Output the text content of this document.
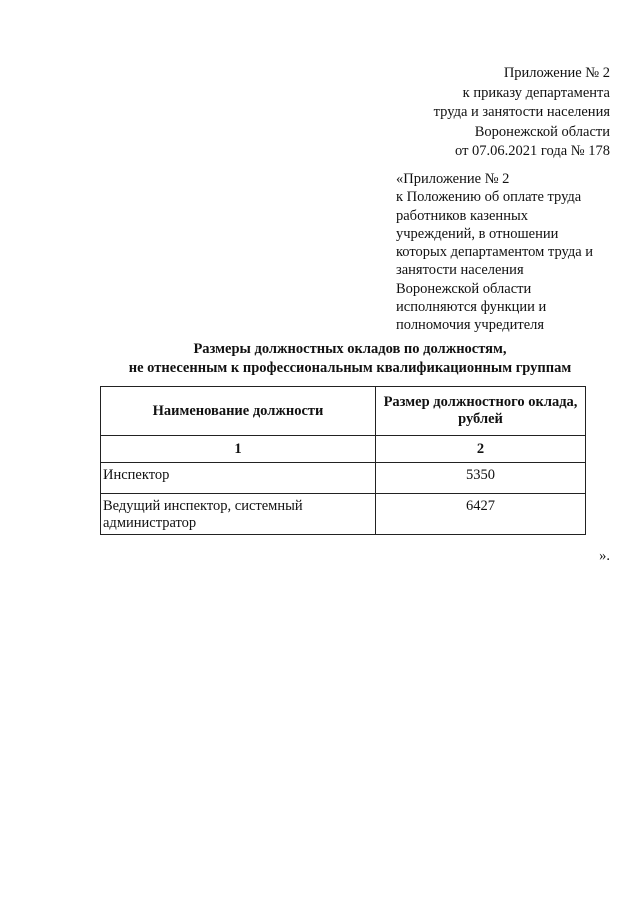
Приложение № 2
к приказу департамента
труда и занятости населения
Воронежской области
от 07.06.2021 года № 178
«Приложение № 2
к Положению об оплате труда
работников казенных
учреждений, в отношении
которых департаментом труда и
занятости населения
Воронежской области
исполняются функции и
полномочия учредителя
Размеры должностных окладов по должностям,
не отнесенным к профессиональным квалификационным группам
Наименование должности	Размер должностного оклада, рублей
1	2
Инспектор	5350
Ведущий инспектор, системный администратор	6427
».
